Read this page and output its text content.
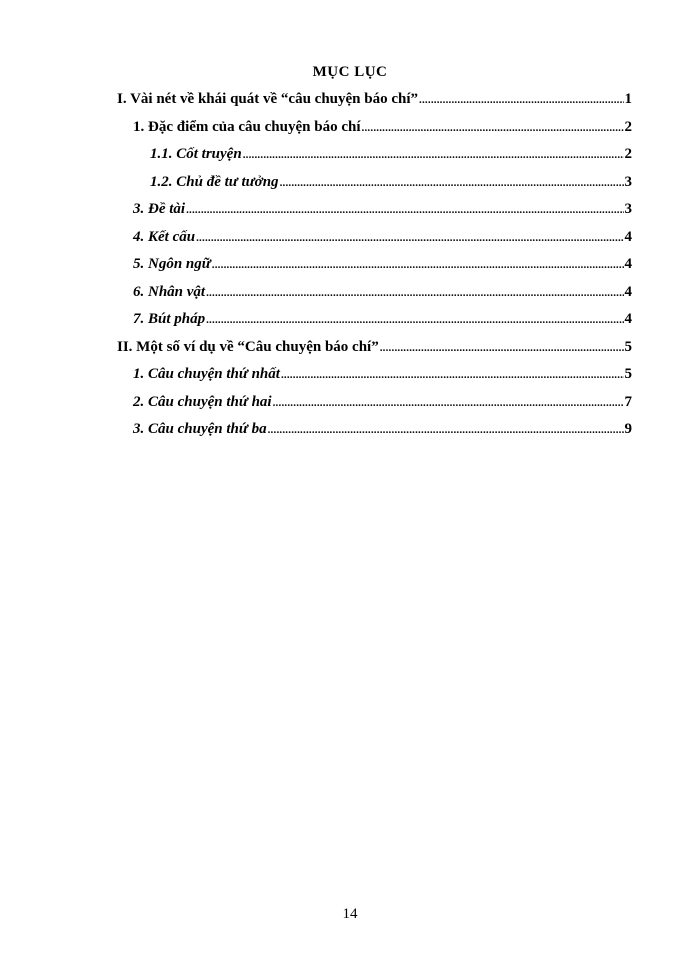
MỤC LỤC
I. Vài nét về khái quát về “câu chuyện báo chí” .....	1
1. Đặc điểm của câu chuyện báo chí .....	2
1.1. Cốt truyện .....	2
1.2. Chủ đề tư tưởng .....	3
3. Đề tài .....	3
4. Kết cấu .....	4
5. Ngôn ngữ .....	4
6. Nhân vật .....	4
7. Bút pháp .....	4
II. Một số ví dụ về “Câu chuyện báo chí” .....	5
1. Câu chuyện thứ nhất .....	5
2. Câu chuyện thứ hai .....	7
3. Câu chuyện thứ ba .....	9
14
